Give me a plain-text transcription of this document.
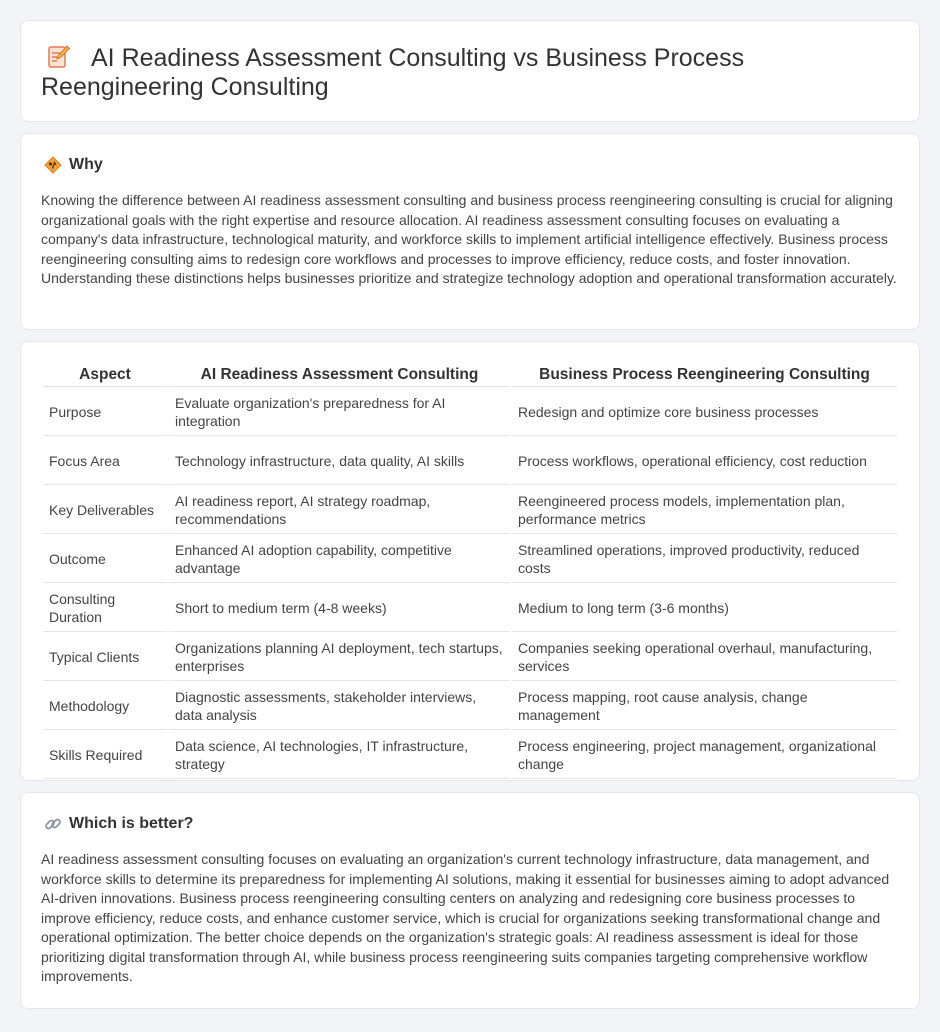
AI Readiness Assessment Consulting vs Business Process Reengineering Consulting
Why

Knowing the difference between AI readiness assessment consulting and business process reengineering consulting is crucial for aligning organizational goals with the right expertise and resource allocation. AI readiness assessment consulting focuses on evaluating a company's data infrastructure, technological maturity, and workforce skills to implement artificial intelligence effectively. Business process reengineering consulting aims to redesign core workflows and processes to improve efficiency, reduce costs, and foster innovation. Understanding these distinctions helps businesses prioritize and strategize technology adoption and operational transformation accurately.

Aspect	AI Readiness Assessment Consulting	Business Process Reengineering Consulting
Purpose	Evaluate organization's preparedness for AI integration	Redesign and optimize core business processes
Focus Area	Technology infrastructure, data quality, AI skills	Process workflows, operational efficiency, cost reduction
Key Deliverables	AI readiness report, AI strategy roadmap, recommendations	Reengineered process models, implementation plan, performance metrics
Outcome	Enhanced AI adoption capability, competitive advantage	Streamlined operations, improved productivity, reduced costs
Consulting Duration	Short to medium term (4-8 weeks)	Medium to long term (3-6 months)
Typical Clients	Organizations planning AI deployment, tech startups, enterprises	Companies seeking operational overhaul, manufacturing, services
Methodology	Diagnostic assessments, stakeholder interviews, data analysis	Process mapping, root cause analysis, change management
Skills Required	Data science, AI technologies, IT infrastructure, strategy	Process engineering, project management, organizational change
Which is better?

AI readiness assessment consulting focuses on evaluating an organization's current technology infrastructure, data management, and workforce skills to determine its preparedness for implementing AI solutions, making it essential for businesses aiming to adopt advanced AI-driven innovations. Business process reengineering consulting centers on analyzing and redesigning core business processes to improve efficiency, reduce costs, and enhance customer service, which is crucial for organizations seeking transformational change and operational optimization. The better choice depends on the organization's strategic goals: AI readiness assessment is ideal for those prioritizing digital transformation through AI, while business process reengineering suits companies targeting comprehensive workflow improvements.
